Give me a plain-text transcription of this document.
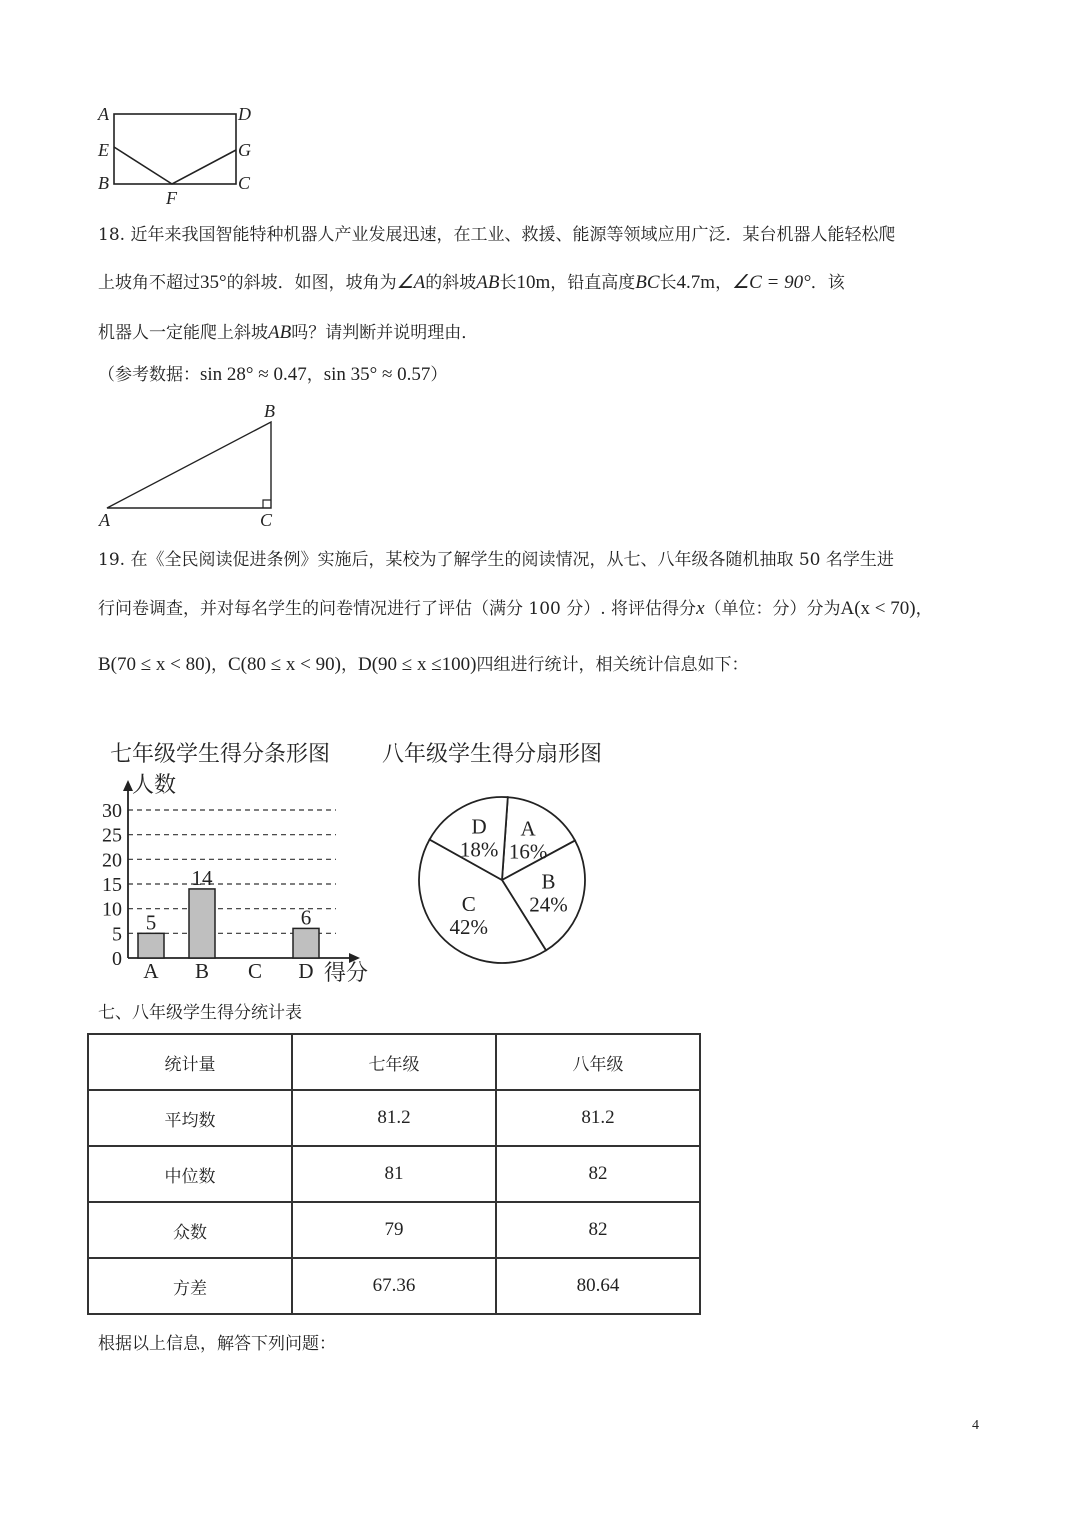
A	D
E	G
B
F
C
18. 近年来我国智能特种机器人产业发展迅速，在工业、救援、能源等领域应用广泛．某台机器人能轻松爬
上坡角不超过35°的斜坡．如图，坡角为∠A的斜坡AB长10m，铅直高度BC长4.7m，∠C = 90°．该
机器人一定能爬上斜坡AB吗？请判断并说明理由．
（参考数据：sin 28° ≈ 0.47，sin 35° ≈ 0.57）
B
A	C
19. 在《全民阅读促进条例》实施后，某校为了解学生的阅读情况，从七、八年级各随机抽取 50 名学生进
行问卷调查，并对每名学生的问卷情况进行了评估（满分 100 分）. 将评估得分x（单位：分）分为A(x < 70)，
B(70 ≤ x < 80)，C(80 ≤ x < 90)，D(90 ≤ x ≤100)四组进行统计，相关统计信息如下：
七年级学生得分条形图 八年级学生得分扇形图
人数
得分
0
5
10
15
20
25
30
5
A
14
B C
6
D
A
16%
B
24%
C
42%
D
18%
七、八年级学生得分统计表
统计量	七年级	八年级
平均数	81.2	81.2
中位数	81	82
众数	79	82
方差	67.36	80.64
根据以上信息，解答下列问题：
4
